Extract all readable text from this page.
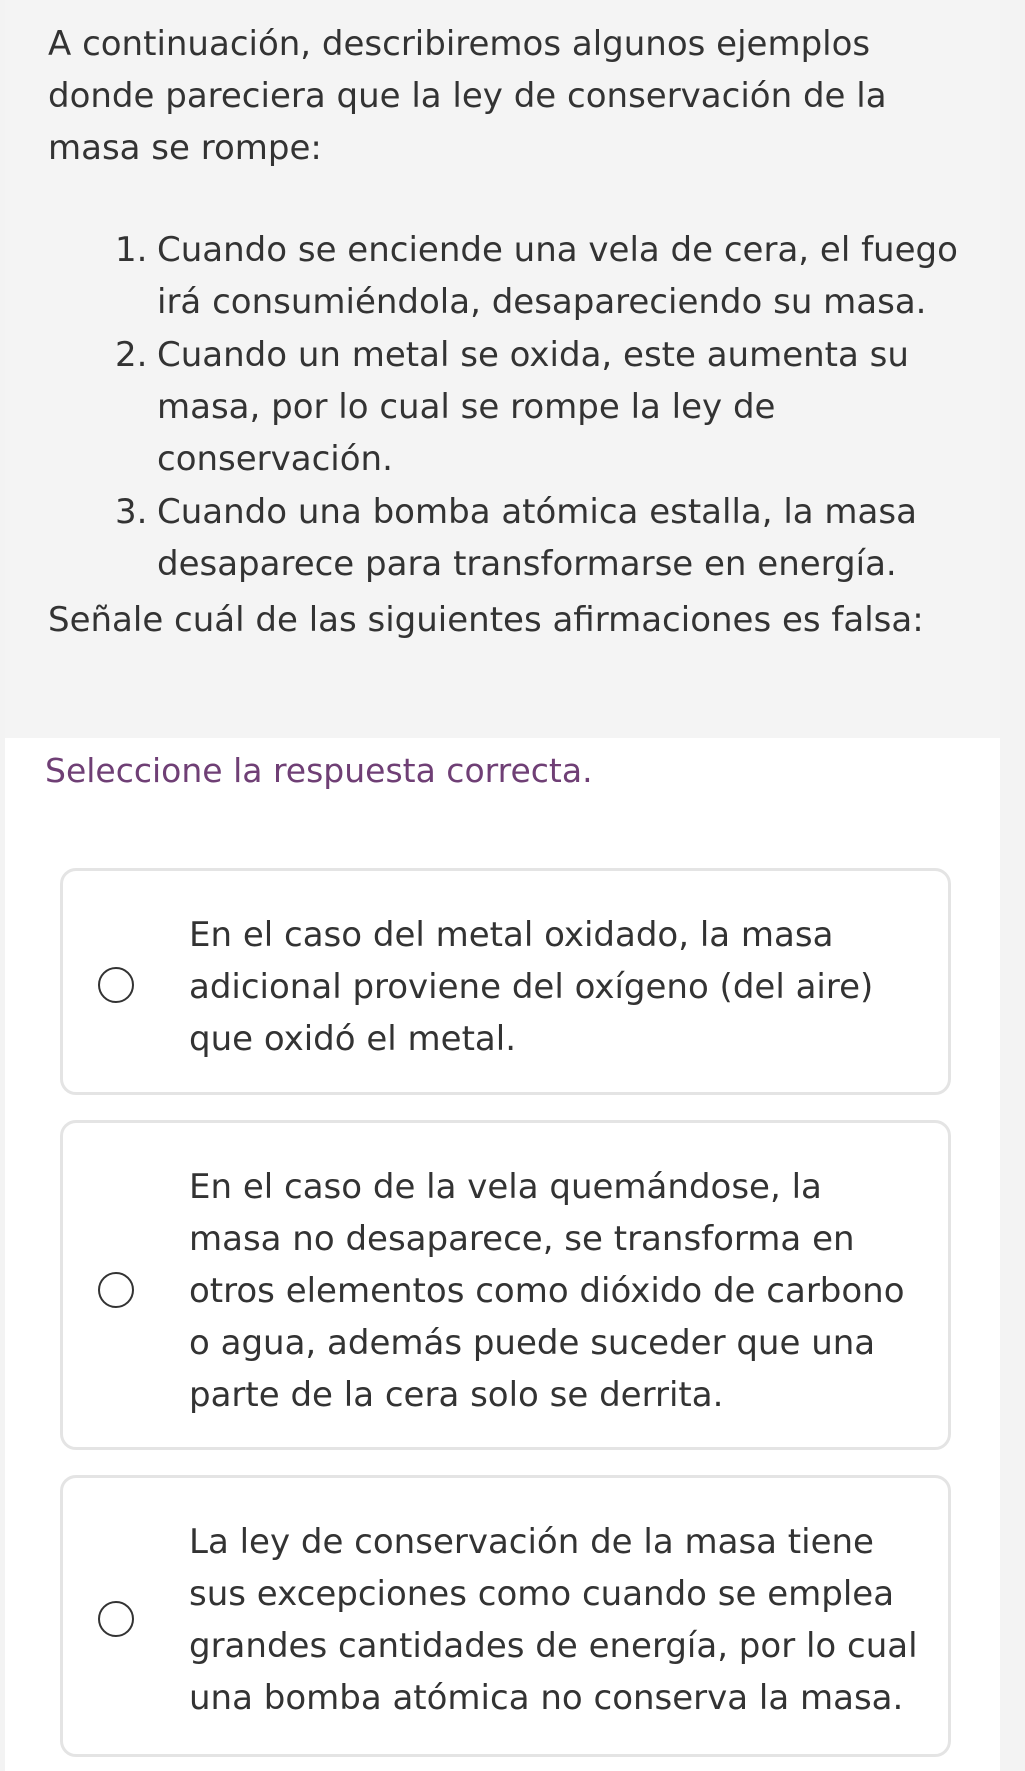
A continuación, describiremos algunos ejemplos donde pareciera que la ley de conservación de la masa se rompe:

1. Cuando se enciende una vela de cera, el fuego irá consumiéndola, desapareciendo su masa.
2. Cuando un metal se oxida, este aumenta su masa, por lo cual se rompe la ley de conservación.
3. Cuando una bomba atómica estalla, la masa desaparece para transformarse en energía.

Señale cuál de las siguientes afirmaciones es falsa:

Seleccione la respuesta correcta.

En el caso del metal oxidado, la masa adicional proviene del oxígeno (del aire) que oxidó el metal.

En el caso de la vela quemándose, la masa no desaparece, se transforma en otros elementos como dióxido de carbono o agua, además puede suceder que una parte de la cera solo se derrita.

La ley de conservación de la masa tiene sus excepciones como cuando se emplea grandes cantidades de energía, por lo cual una bomba atómica no conserva la masa.
